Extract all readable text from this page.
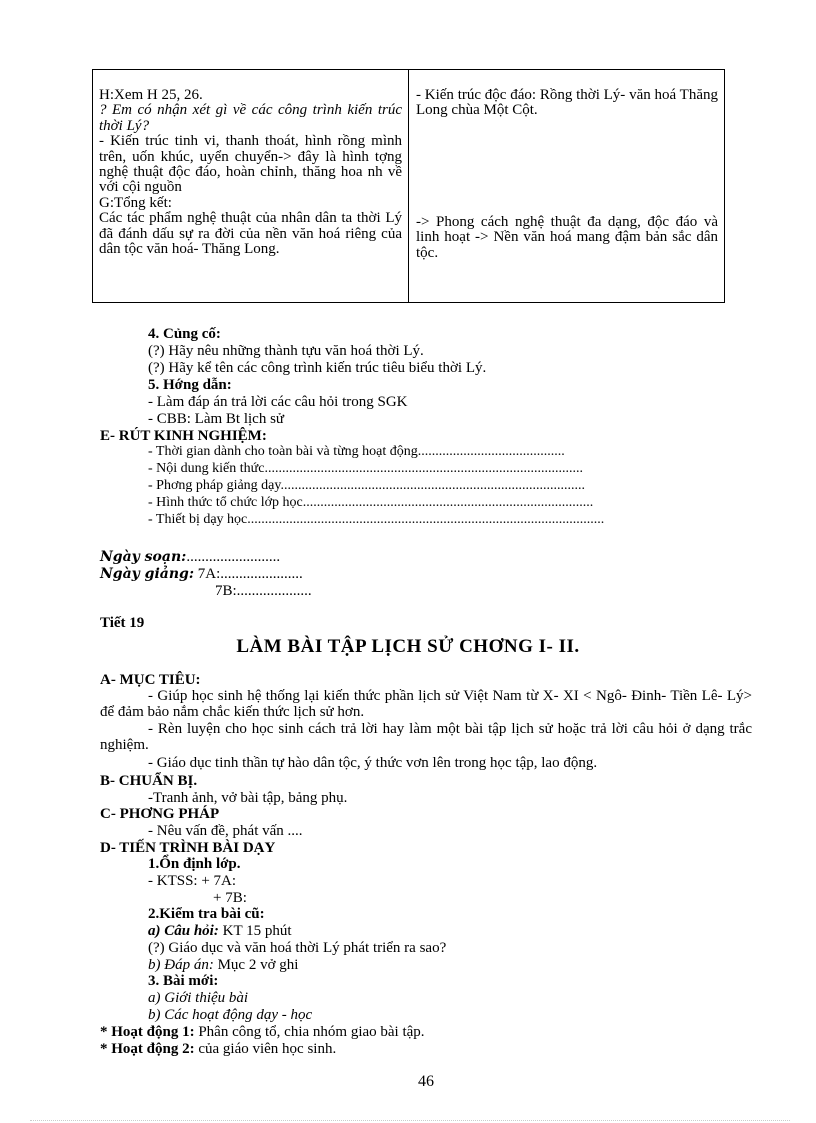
H:Xem H 25, 26.

? Em có nhận xét gì về các công trình kiến trúc thời Lý?

- Kiến trúc tinh vi, thanh thoát, hình rồng mình trên, uốn khúc, uyển chuyển-> đây là hình tợng nghệ thuật độc đáo, hoàn chỉnh, thăng hoa nh về với cội nguồn

G:Tổng kết:

Các tác phẩm nghệ thuật của nhân dân ta thời Lý đã đánh dấu sự ra đời của nền văn hoá riêng của dân tộc văn hoá- Thăng Long.

- Kiến trúc độc đáo: Rồng thời Lý- văn hoá Thăng Long chùa Một Cột.

-> Phong cách nghệ thuật đa dạng, độc đáo và linh hoạt -> Nền văn hoá mang đậm bản sắc dân tộc.

4. Củng cố:
(?) Hãy nêu những thành tựu văn hoá thời Lý.
(?) Hãy kể tên các công trình kiến trúc tiêu biểu thời Lý.
5. Hớng dẫn:
- Làm đáp án trả lời các câu hỏi trong SGK
- CBB: Làm Bt lịch sử
E- RÚT KINH NGHIỆM:
- Thời gian dành cho toàn bài và từng hoạt động..........................................
- Nội dung kiến thức...........................................................................................
- Phơng pháp giảng dạy.......................................................................................
- Hình thức tổ chức lớp học...................................................................................
- Thiết bị dạy học......................................................................................................
Ngày soạn:.........................
Ngày giảng: 7A:......................
7B:....................
Tiết 19
LÀM BÀI TẬP LỊCH SỬ CHƠNG I- II.
A- MỤC TIÊU:
- Giúp học sinh hệ thống lại kiến thức phần lịch sử Việt Nam từ X- XI < Ngô- Đinh- Tiền Lê- Lý> để đảm bảo nắm chắc kiến thức lịch sử hơn.
- Rèn luyện cho học sinh cách trả lời hay làm một bài tập lịch sử hoặc trả lời câu hỏi ở dạng trắc nghiệm.
- Giáo dục tinh thần tự hào dân tộc, ý thức vơn lên trong học tập, lao động.
B- CHUẨN BỊ.
-Tranh ảnh, vở bài tập, bảng phụ.
C- PHƠNG PHÁP
- Nêu vấn đề, phát vấn ....
D- TIẾN TRÌNH BÀI DẠY
1.Ổn định lớp.
- KTSS: + 7A:
+ 7B:
2.Kiểm tra bài cũ:
a) Câu hỏi: KT 15 phút
(?) Giáo dục và văn hoá thời Lý phát triển ra sao?
b) Đáp án: Mục 2 vở ghi
3. Bài mới:
a) Giới thiệu bài
b) Các hoạt động dạy - học
* Hoạt động 1: Phân công tổ, chia nhóm giao bài tập.
* Hoạt động 2: của giáo viên học sinh.
46
